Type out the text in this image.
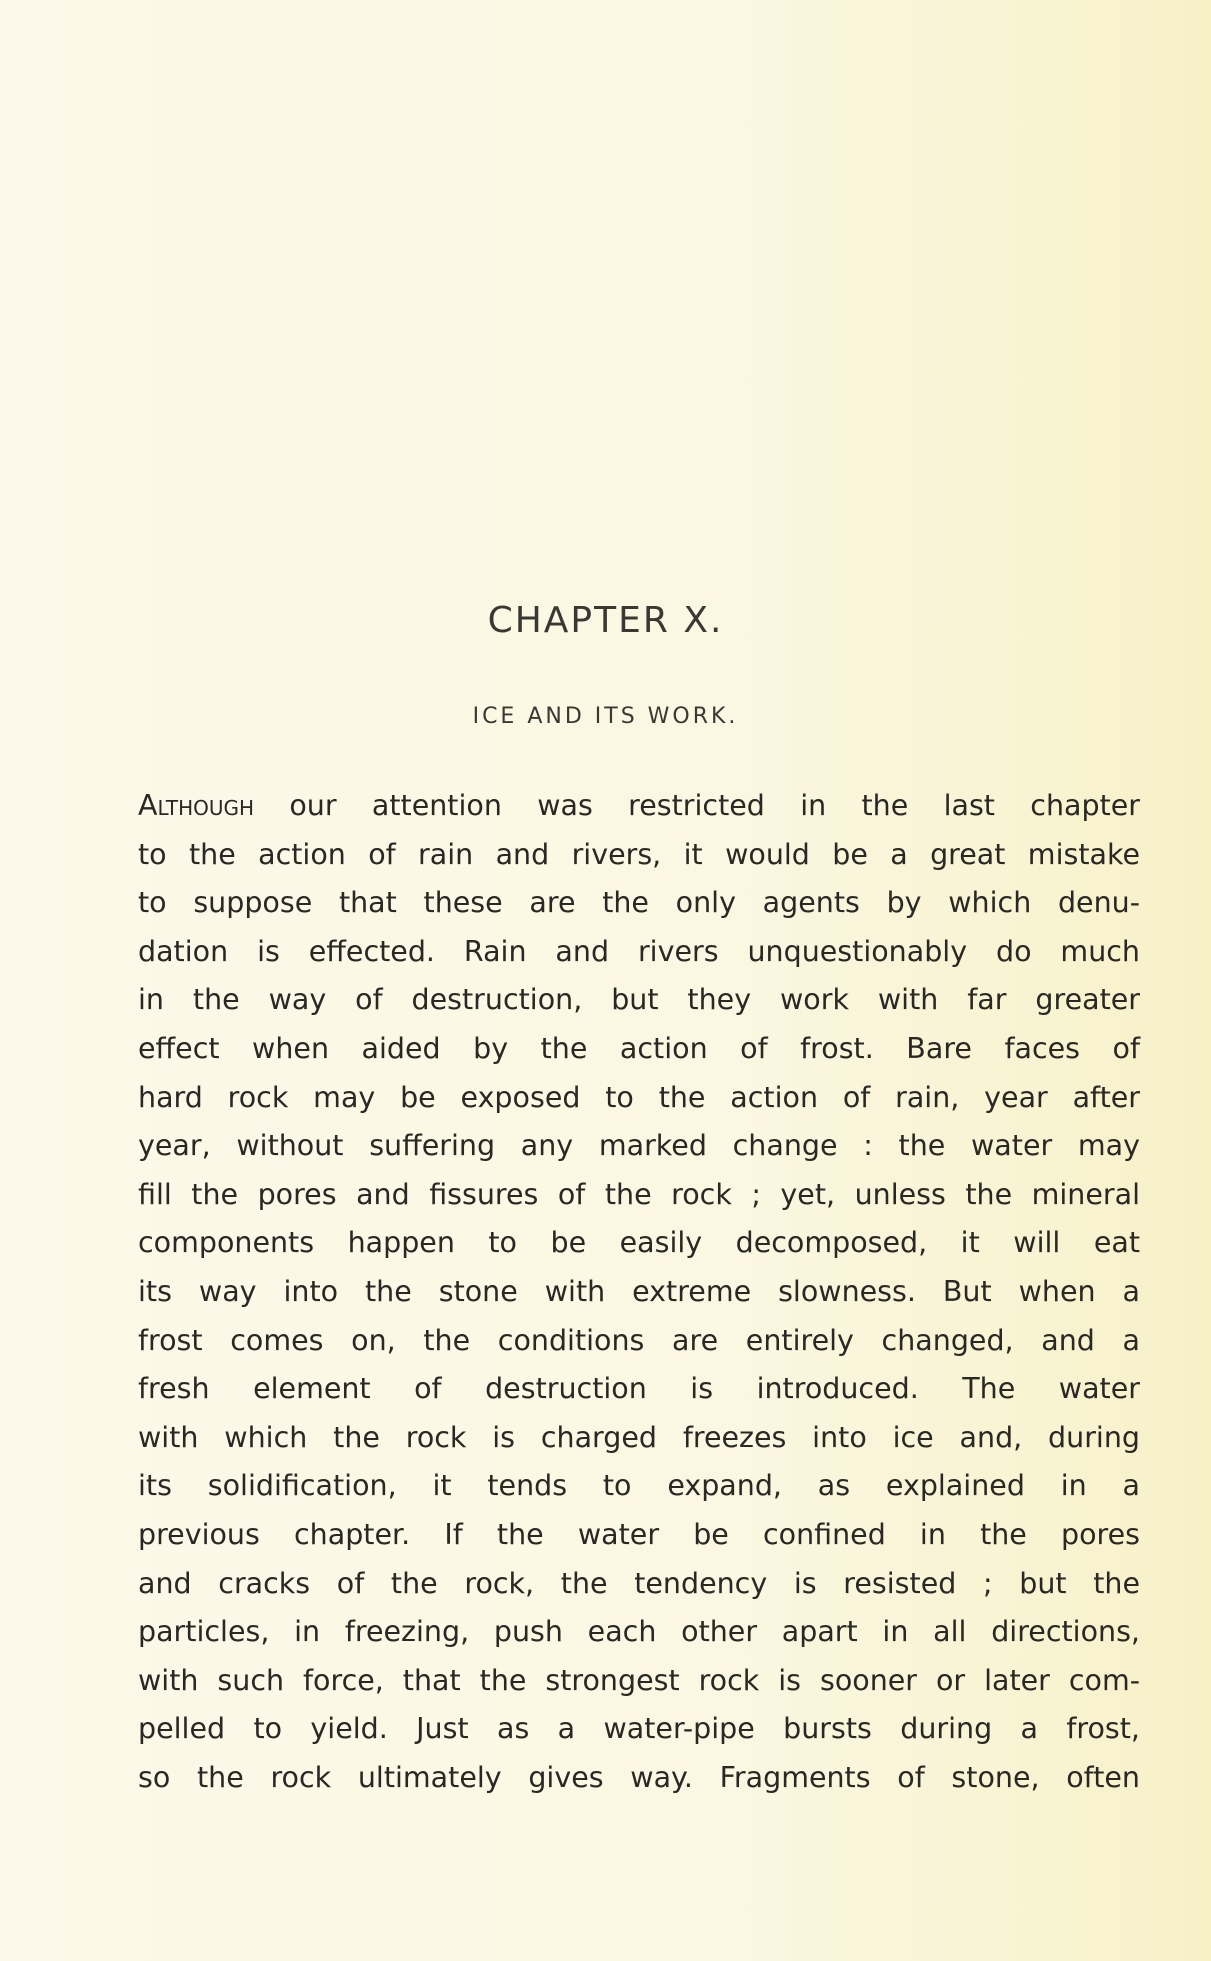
CHAPTER X.
ICE AND ITS WORK.
Although our attention was restricted in the last chapter
to the action of rain and rivers, it would be a great mistake
to suppose that these are the only agents by which denu-
dation is effected. Rain and rivers unquestionably do much
in the way of destruction, but they work with far greater
effect when aided by the action of frost. Bare faces of
hard rock may be exposed to the action of rain, year after
year, without suffering any marked change : the water may
fill the pores and fissures of the rock ; yet, unless the mineral
components happen to be easily decomposed, it will eat
its way into the stone with extreme slowness. But when a
frost comes on, the conditions are entirely changed, and a
fresh element of destruction is introduced. The water
with which the rock is charged freezes into ice and, during
its solidification, it tends to expand, as explained in a
previous chapter. If the water be confined in the pores
and cracks of the rock, the tendency is resisted ; but the
particles, in freezing, push each other apart in all directions,
with such force, that the strongest rock is sooner or later com-
pelled to yield. Just as a water-pipe bursts during a frost,
so the rock ultimately gives way. Fragments of stone, often
